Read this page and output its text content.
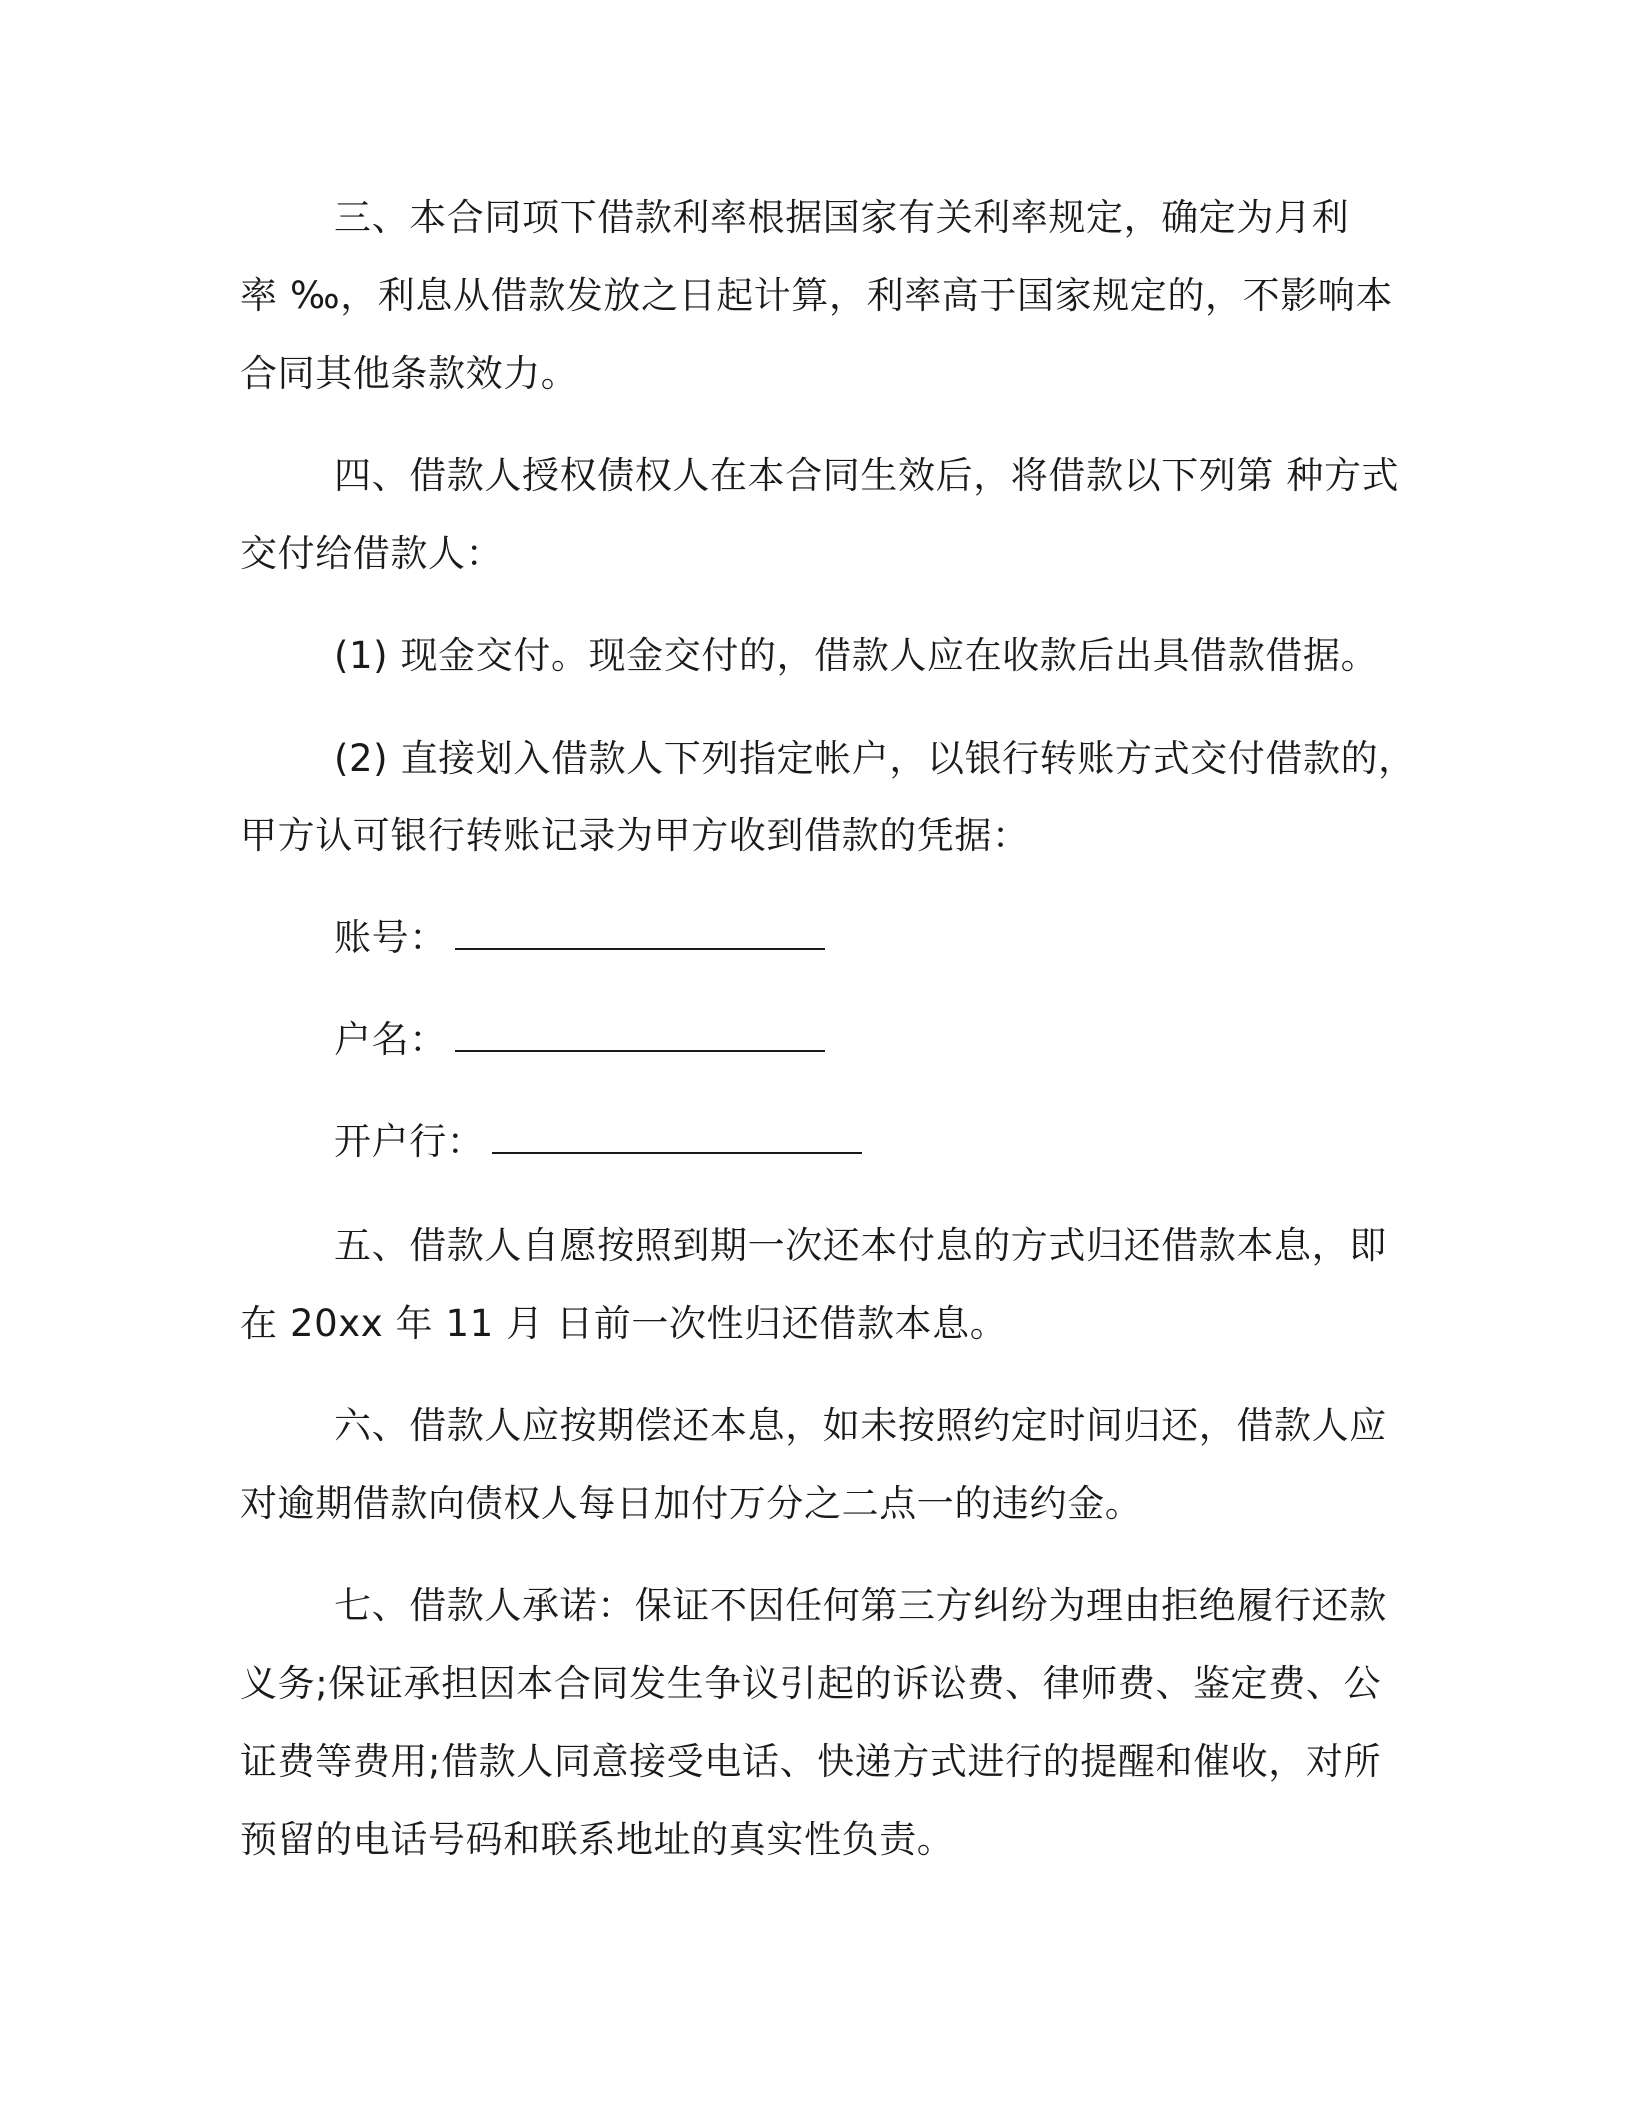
三、本合同项下借款利率根据国家有关利率规定，确定为月利
率 ‰，利息从借款发放之日起计算，利率高于国家规定的，不影响本
合同其他条款效力。
四、借款人授权债权人在本合同生效后，将借款以下列第 种方式
交付给借款人：
(1) 现金交付。现金交付的，借款人应在收款后出具借款借据。
(2) 直接划入借款人下列指定帐户，以银行转账方式交付借款的，
甲方认可银行转账记录为甲方收到借款的凭据：
账号：
户名：
开户行：
五、借款人自愿按照到期一次还本付息的方式归还借款本息，即
在 20xx 年 11 月 日前一次性归还借款本息。
六、借款人应按期偿还本息，如未按照约定时间归还，借款人应
对逾期借款向债权人每日加付万分之二点一的违约金。
七、借款人承诺：保证不因任何第三方纠纷为理由拒绝履行还款
义务;保证承担因本合同发生争议引起的诉讼费、律师费、鉴定费、公
证费等费用;借款人同意接受电话、快递方式进行的提醒和催收，对所
预留的电话号码和联系地址的真实性负责。
